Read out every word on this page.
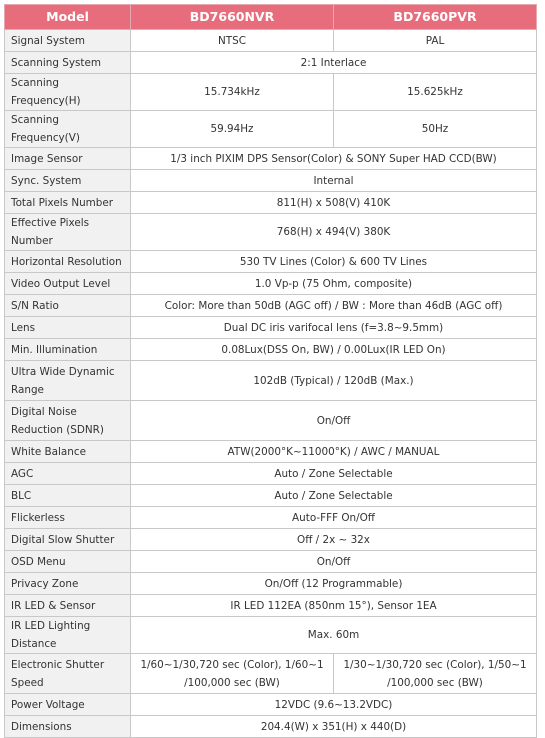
Model	BD7660NVR	BD7660PVR
Signal System	NTSC	PAL
Scanning System	2:1 Interlace	
Scanning Frequency(H)	15.734kHz	15.625kHz
Scanning Frequency(V)	59.94Hz	50Hz
Image Sensor	1/3 inch PIXIM DPS Sensor(Color) & SONY Super HAD CCD(BW)	
Sync. System	Internal	
Total Pixels Number	811(H) x 508(V) 410K	
Effective Pixels Number	768(H) x 494(V) 380K	
Horizontal Resolution	530 TV Lines (Color) & 600 TV Lines	
Video Output Level	1.0 Vp-p (75 Ohm, composite)	
S/N Ratio	Color: More than 50dB (AGC off) / BW : More than 46dB (AGC off)	
Lens	Dual DC iris varifocal lens (f=3.8~9.5mm)	
Min. Illumination	0.08Lux(DSS On, BW) / 0.00Lux(IR LED On)	
Ultra Wide Dynamic Range	102dB (Typical) / 120dB (Max.)	
Digital Noise Reduction (SDNR)	On/Off	
White Balance	ATW(2000°K~11000°K) / AWC / MANUAL	
AGC	Auto / Zone Selectable	
BLC	Auto / Zone Selectable	
Flickerless	Auto-FFF On/Off	
Digital Slow Shutter	Off / 2x ~ 32x	
OSD Menu	On/Off	
Privacy Zone	On/Off (12 Programmable)	
IR LED & Sensor	IR LED 112EA (850nm 15°), Sensor 1EA	
IR LED Lighting Distance	Max. 60m	
Electronic Shutter Speed	1/60~1/30,720 sec (Color), 1/60~1 /100,000 sec (BW)	1/30~1/30,720 sec (Color), 1/50~1 /100,000 sec (BW)
Power Voltage	12VDC (9.6~13.2VDC)	
Dimensions	204.4(W) x 351(H) x 440(D)	
